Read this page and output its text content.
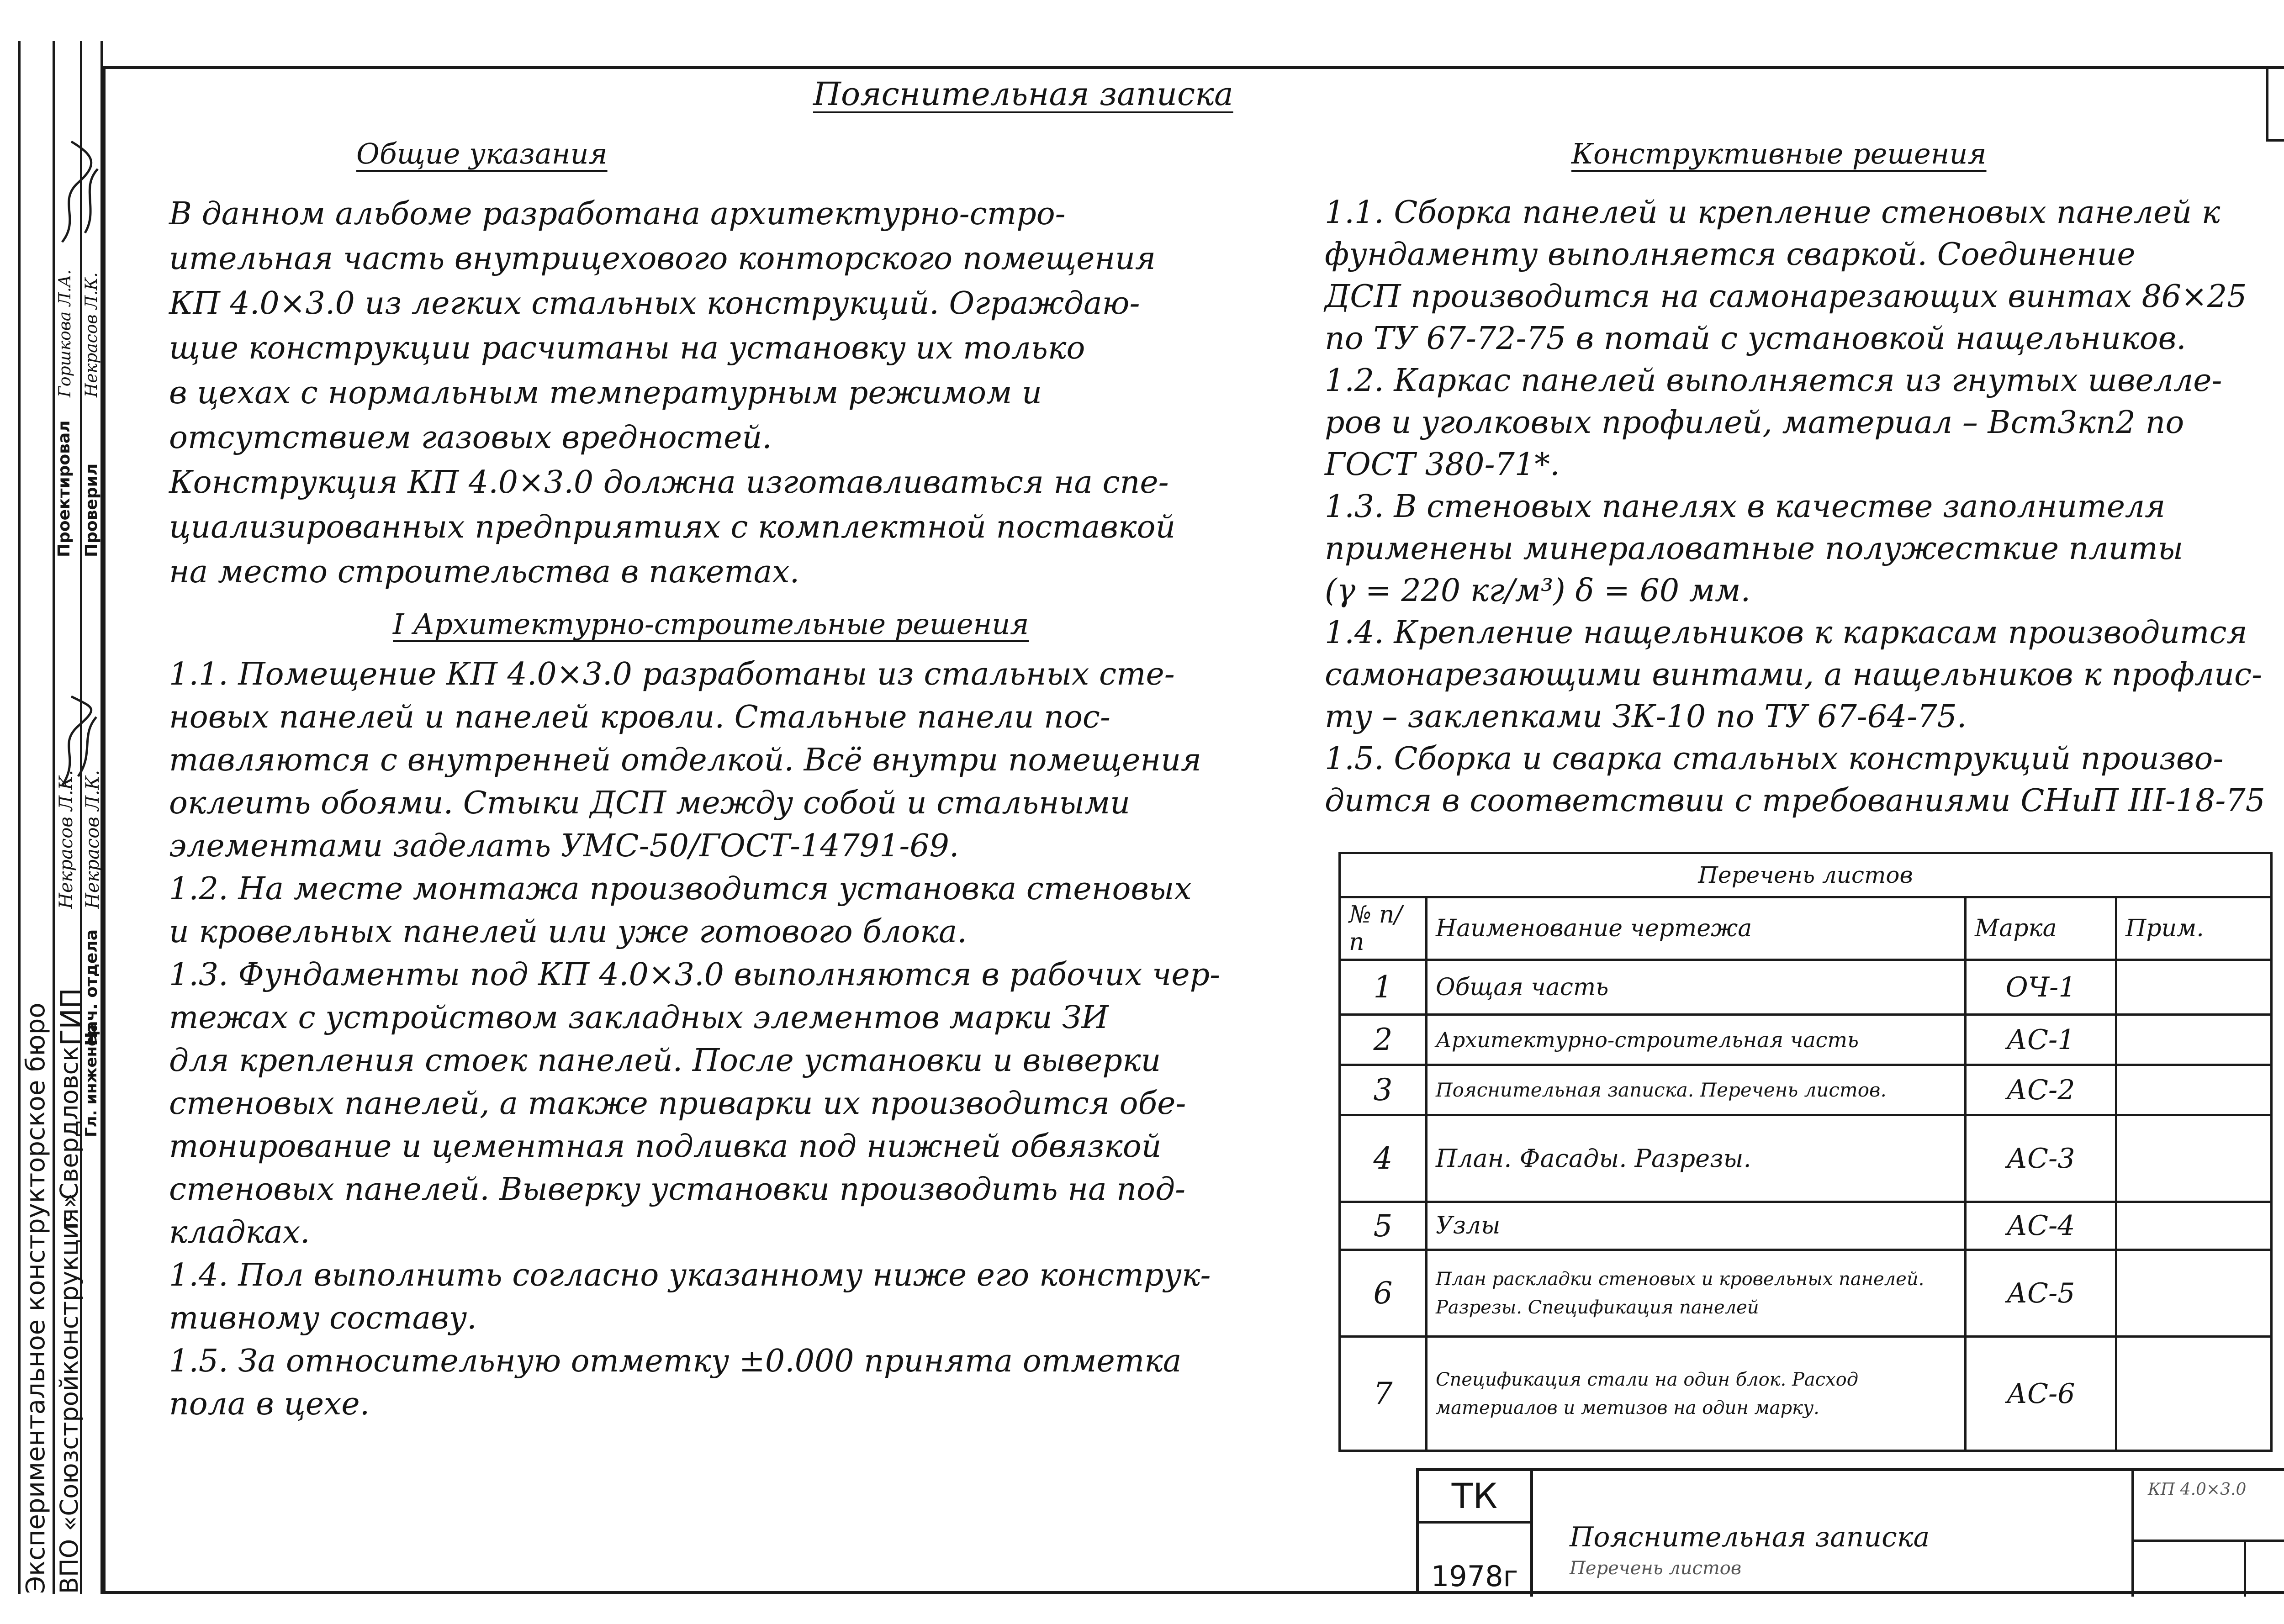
Экспериментальное конструкторское бюро ВПО «Союзстройконструкция»
г. Свердловск
Гл. инженер
ГИП
Нач. отдела
Проектировал Проверил
Некрасов Л.К. Некрасов Л.К.
Горшкова Л.А. Некрасов Л.К.
Пояснительная записка
Общие указания
В данном альбоме разработана архитектурно-стро-
ительная часть внутрицехового конторского помещения
КП 4.0×3.0 из легких стальных конструкций. Ограждаю-
щие конструкции расчитаны на установку их только
в цехах с нормальным температурным режимом и
отсутствием газовых вредностей.
Конструкция КП 4.0×3.0 должна изготавливаться на спе-
циализированных предприятиях с комплектной поставкой
на место строительства в пакетах.
I Архитектурно-строительные решения
1.1. Помещение КП 4.0×3.0 разработаны из стальных сте-
новых панелей и панелей кровли. Стальные панели пос-
тавляются с внутренней отделкой. Всё внутри помещения
оклеить обоями. Стыки ДСП между собой и стальными
элементами заделать УМС-50/ГОСТ-14791-69.
1.2. На месте монтажа производится установка стеновых
и кровельных панелей или уже готового блока.
1.3. Фундаменты под КП 4.0×3.0 выполняются в рабочих чер-
тежах с устройством закладных элементов марки ЗИ
для крепления стоек панелей. После установки и выверки
стеновых панелей, а также приварки их производится обе-
тонирование и цементная подливка под нижней обвязкой
стеновых панелей. Выверку установки производить на под-
кладках.
1.4. Пол выполнить согласно указанному ниже его конструк-
тивному составу.
1.5. За относительную отметку ±0.000 принята отметка
пола в цехе.
Конструктивные решения
1.1. Сборка панелей и крепление стеновых панелей к
фундаменту выполняется сваркой. Соединение
ДСП производится на самонарезающих винтах 86×25
по ТУ 67-72-75 в потай с установкой нащельников.
1.2. Каркас панелей выполняется из гнутых швелле-
ров и уголковых профилей, материал – Вст3кп2 по
ГОСТ 380-71*.
1.3. В стеновых панелях в качестве заполнителя
применены минераловатные полужесткие плиты
(γ = 220 кг/м³) δ = 60 мм.
1.4. Крепление нащельников к каркасам производится
самонарезающими винтами, а нащельников к профлис-
ту – заклепками ЗК-10 по ТУ 67-64-75.
1.5. Сборка и сварка стальных конструкций произво-
дится в соответствии с требованиями СНиП III-18-75
Перечень листов			
№ п/п	Наименование чертежа	Марка	Прим.
1	Общая часть	ОЧ-1	
2	Архитектурно-строительная часть	АС-1	
3	Пояснительная записка. Перечень листов.	АС-2	
4	План. Фасады. Разрезы.	АС-3	
5	Узлы	АС-4	
6	План раскладки стеновых и кровельных панелей. Разрезы. Спецификация панелей	АС-5	
7	Спецификация стали на один блок. Расход материалов и метизов на один марку.	АС-6	
ТК
1978г
Пояснительная записка
Перечень листов
КП 4.0×3.0
